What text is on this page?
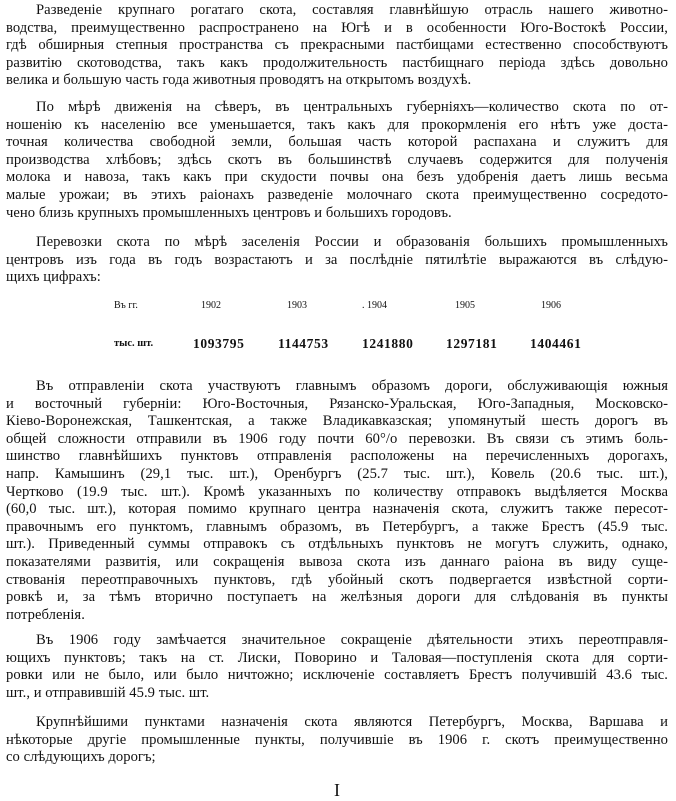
Разведеніе крупнаго рогатаго скота, составляя главнѣйшую отрасль нашего животно-
водства, преимущественно распространено на Югѣ и в особенности Юго-Востокѣ России,
гдѣ обширныя степныя пространства съ прекрасными пастбищами естественно способствуютъ
развитію скотоводства, такъ какъ продолжительность пастбищнаго періода здѣсь довольно
велика и большую часть года животныя проводятъ на открытомъ воздухѣ.

По мѣрѣ движенія на сѣверъ, въ центральныхъ губерніяхъ—количество скота по от-
ношенію къ населенію все уменьшается, такъ какъ для прокормленія его нѣтъ уже доста-
точная количества свободной земли, большая часть которой распахана и служитъ для
производства хлѣбовъ; здѣсь скотъ въ большинствѣ случаевъ содержится для полученія
молока и навоза, такъ какъ при скудости почвы она безъ удобренія даетъ лишь весьма
малые урожаи; въ этихъ раіонахъ разведеніе молочнаго скота преимущественно сосредото-
чено близь крупныхъ промышленныхъ центровъ и большихъ городовъ.

Перевозки скота по мѣрѣ заселенія России и образованія большихъ промышленныхъ
центровъ изъ года въ годъ возрастаютъ и за послѣдніе пятилѣтіе выражаются въ слѣдую-
щихъ цифрахъ:

Въ гг.	1902	1903	. 1904	1905	1906
тыс. шт.	1093795 1144753 1241880 1297181 1404461

Въ отправленіи скота участвуютъ главнымъ образомъ дороги, обслуживающія южныя
и восточный губерніи: Юго-Восточныя, Рязанско-Уральская, Юго-Западныя, Московско-
Кіево-Воронежская, Ташкентская, а также Владикавказская; упомянутый шесть дорогъ въ
общей сложности отправили въ 1906 году почти 60°/о перевозки. Въ связи съ этимъ боль-
шинство главнѣйшихъ пунктовъ отправленія расположены на перечисленныхъ дорогахъ,
напр. Камышинъ (29,1 тыс. шт.), Оренбургъ (25.7 тыс. шт.), Ковель (20.6 тыс. шт.),
Чертково (19.9 тыс. шт.). Кромѣ указанныхъ по количеству отправокъ выдѣляется Москва
(60,0 тыс. шт.), которая помимо крупнаго центра назначенія скота, служитъ также пересот-
правочнымъ его пунктомъ, главнымъ образомъ, въ Петербургъ, а также Брестъ (45.9 тыс.
шт.). Приведенный суммы отправокъ съ отдѣльныхъ пунктовъ не могутъ служить, однако,
показателями развитія, или сокращенія вывоза скота изъ даннаго раіона въ виду суще-
ствованія переотправочныхъ пунктовъ, гдѣ убойный скотъ подвергается извѣстной сорти-
ровкѣ и, за тѣмъ вторично поступаетъ на желѣзныя дороги для слѣдованія въ пункты
потребленія.

Въ 1906 году замѣчается значительное сокращеніе дѣятельности этихъ переотправля-
ющихъ пунктовъ; такъ на ст. Лиски, Поворино и Таловая—поступленія скота для сорти-
ровки или не было, или было ничтожно; исключеніе составляетъ Брестъ получившій 43.6 тыс.
шт., и отправившій 45.9 тыс. шт.

Крупнѣйшими пунктами назначенія скота являются Петербургъ, Москва, Варшава и
нѣкоторые другіе промышленные пункты, получившіе въ 1906 г. скотъ преимущественно
со слѣдующихъ дорогъ;

I
